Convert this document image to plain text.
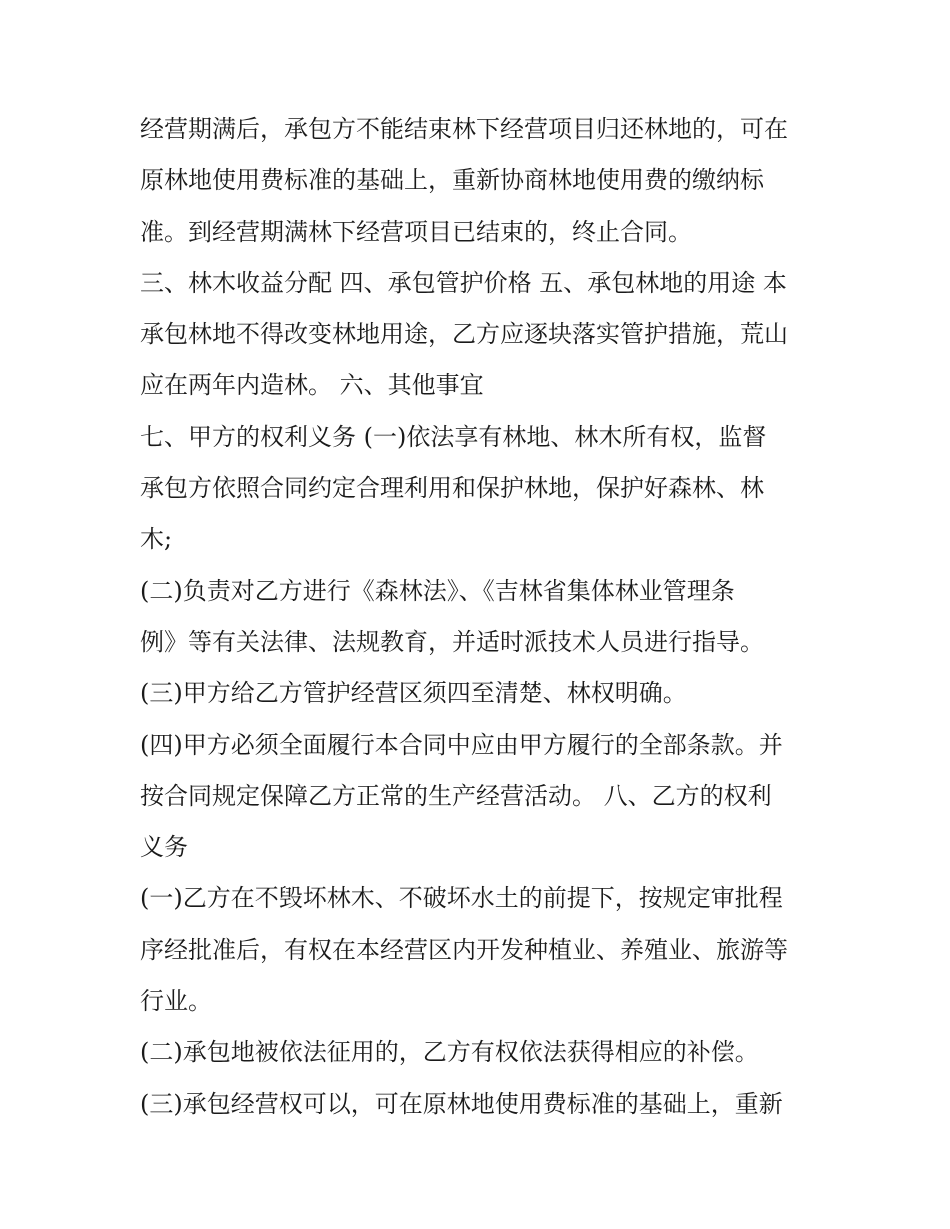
经营期满后，承包方不能结束林下经营项目归还林地的，可在
原林地使用费标准的基础上，重新协商林地使用费的缴纳标
准。到经营期满林下经营项目已结束的，终止合同。
三、林木收益分配 四、承包管护价格 五、承包林地的用途 本
承包林地不得改变林地用途，乙方应逐块落实管护措施，荒山
应在两年内造林。 六、其他事宜
七、甲方的权利义务 (一)依法享有林地、林木所有权，监督
承包方依照合同约定合理利用和保护林地，保护好森林、林
木;
(二)负责对乙方进行《森林法》、《吉林省集体林业管理条
例》等有关法律、法规教育，并适时派技术人员进行指导。
(三)甲方给乙方管护经营区须四至清楚、林权明确。
(四)甲方必须全面履行本合同中应由甲方履行的全部条款。并
按合同规定保障乙方正常的生产经营活动。 八、乙方的权利
义务
(一)乙方在不毁坏林木、不破坏水土的前提下，按规定审批程
序经批准后，有权在本经营区内开发种植业、养殖业、旅游等
行业。
(二)承包地被依法征用的，乙方有权依法获得相应的补偿。
(三)承包经营权可以，可在原林地使用费标准的基础上，重新
